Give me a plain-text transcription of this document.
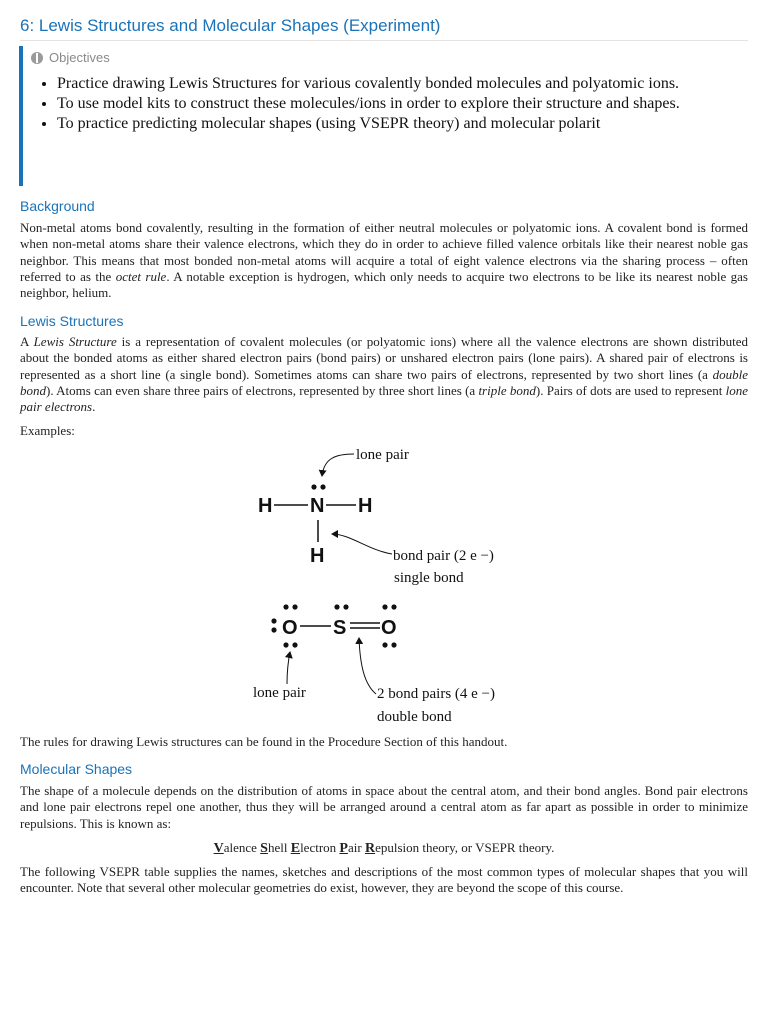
6: Lewis Structures and Molecular Shapes (Experiment)
Objectives
• Practice drawing Lewis Structures for various covalently bonded molecules and polyatomic ions.
• To use model kits to construct these molecules/ions in order to explore their structure and shapes.
• To practice predicting molecular shapes (using VSEPR theory) and molecular polarit
Background

Non-metal atoms bond covalently, resulting in the formation of either neutral molecules or polyatomic ions. A covalent bond is formed when non-metal atoms share their valence electrons, which they do in order to achieve filled valence orbitals like their nearest noble gas neighbor. This means that most bonded non-metal atoms will acquire a total of eight valence electrons via the sharing process – often referred to as the octet rule. A notable exception is hydrogen, which only needs to acquire two electrons to be like its nearest noble gas neighbor, helium.

Lewis Structures

A Lewis Structure is a representation of covalent molecules (or polyatomic ions) where all the valence electrons are shown distributed about the bonded atoms as either shared electron pairs (bond pairs) or unshared electron pairs (lone pairs). A shared pair of electrons is represented as a short line (a single bond). Sometimes atoms can share two pairs of electrons, represented by two short lines (a double bond). Atoms can even share three pairs of electrons, represented by three short lines (a triple bond). Pairs of dots are used to represent lone pair electrons.

Examples:

H N H
H
O S O
lone pair
bond pair (2 e −)
single bond
lone pair	2 bond pairs (4 e −)
double bond

The rules for drawing Lewis structures can be found in the Procedure Section of this handout.

Molecular Shapes

The shape of a molecule depends on the distribution of atoms in space about the central atom, and their bond angles. Bond pair electrons and lone pair electrons repel one another, thus they will be arranged around a central atom as far apart as possible in order to minimize repulsions. This is known as:

Valence Shell Electron Pair Repulsion theory, or VSEPR theory.

The following VSEPR table supplies the names, sketches and descriptions of the most common types of molecular shapes that you will encounter. Note that several other molecular geometries do exist, however, they are beyond the scope of this course.
